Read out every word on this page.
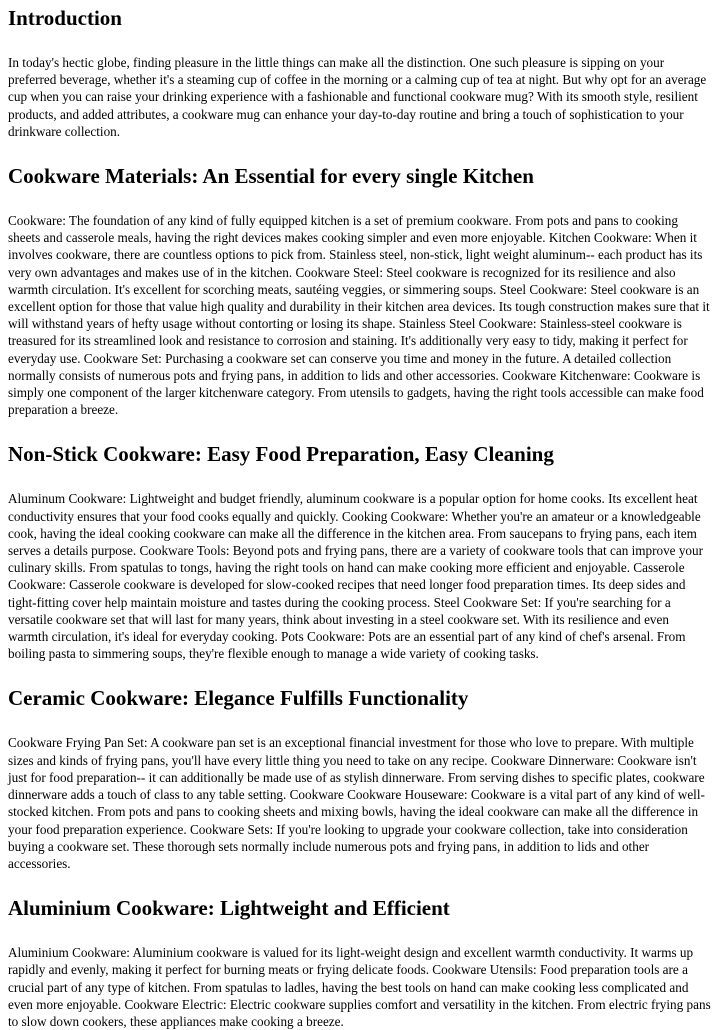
Introduction

In today's hectic globe, finding pleasure in the little things can make all the distinction. One such pleasure is sipping on your preferred beverage, whether it's a steaming cup of coffee in the morning or a calming cup of tea at night. But why opt for an average cup when you can raise your drinking experience with a fashionable and functional cookware mug? With its smooth style, resilient products, and added attributes, a cookware mug can enhance your day-to-day routine and bring a touch of sophistication to your drinkware collection.

Cookware Materials: An Essential for every single Kitchen

Cookware: The foundation of any kind of fully equipped kitchen is a set of premium cookware. From pots and pans to cooking sheets and casserole meals, having the right devices makes cooking simpler and even more enjoyable. Kitchen Cookware: When it involves cookware, there are countless options to pick from. Stainless steel, non-stick, light weight aluminum-- each product has its very own advantages and makes use of in the kitchen. Cookware Steel: Steel cookware is recognized for its resilience and also warmth circulation. It's excellent for scorching meats, sautéing veggies, or simmering soups. Steel Cookware: Steel cookware is an excellent option for those that value high quality and durability in their kitchen area devices. Its tough construction makes sure that it will withstand years of hefty usage without contorting or losing its shape. Stainless Steel Cookware: Stainless-steel cookware is treasured for its streamlined look and resistance to corrosion and staining. It's additionally very easy to tidy, making it perfect for everyday use. Cookware Set: Purchasing a cookware set can conserve you time and money in the future. A detailed collection normally consists of numerous pots and frying pans, in addition to lids and other accessories. Cookware Kitchenware: Cookware is simply one component of the larger kitchenware category. From utensils to gadgets, having the right tools accessible can make food preparation a breeze.

Non-Stick Cookware: Easy Food Preparation, Easy Cleaning

Aluminum Cookware: Lightweight and budget friendly, aluminum cookware is a popular option for home cooks. Its excellent heat conductivity ensures that your food cooks equally and quickly. Cooking Cookware: Whether you're an amateur or a knowledgeable cook, having the ideal cooking cookware can make all the difference in the kitchen area. From saucepans to frying pans, each item serves a details purpose. Cookware Tools: Beyond pots and frying pans, there are a variety of cookware tools that can improve your culinary skills. From spatulas to tongs, having the right tools on hand can make cooking more efficient and enjoyable. Casserole Cookware: Casserole cookware is developed for slow-cooked recipes that need longer food preparation times. Its deep sides and tight-fitting cover help maintain moisture and tastes during the cooking process. Steel Cookware Set: If you're searching for a versatile cookware set that will last for many years, think about investing in a steel cookware set. With its resilience and even warmth circulation, it's ideal for everyday cooking. Pots Cookware: Pots are an essential part of any kind of chef's arsenal. From boiling pasta to simmering soups, they're flexible enough to manage a wide variety of cooking tasks.

Ceramic Cookware: Elegance Fulfills Functionality

Cookware Frying Pan Set: A cookware pan set is an exceptional financial investment for those who love to prepare. With multiple sizes and kinds of frying pans, you'll have every little thing you need to take on any recipe. Cookware Dinnerware: Cookware isn't just for food preparation-- it can additionally be made use of as stylish dinnerware. From serving dishes to specific plates, cookware dinnerware adds a touch of class to any table setting. Cookware Cookware Houseware: Cookware is a vital part of any kind of well-stocked kitchen. From pots and pans to cooking sheets and mixing bowls, having the ideal cookware can make all the difference in your food preparation experience. Cookware Sets: If you're looking to upgrade your cookware collection, take into consideration buying a cookware set. These thorough sets normally include numerous pots and frying pans, in addition to lids and other accessories.

Aluminium Cookware: Lightweight and Efficient

Aluminium Cookware: Aluminium cookware is valued for its light-weight design and excellent warmth conductivity. It warms up rapidly and evenly, making it perfect for burning meats or frying delicate foods. Cookware Utensils: Food preparation tools are a crucial part of any type of kitchen. From spatulas to ladles, having the best tools on hand can make cooking less complicated and even more enjoyable. Cookware Electric: Electric cookware supplies comfort and versatility in the kitchen. From electric frying pans to slow down cookers, these appliances make cooking a breeze.
